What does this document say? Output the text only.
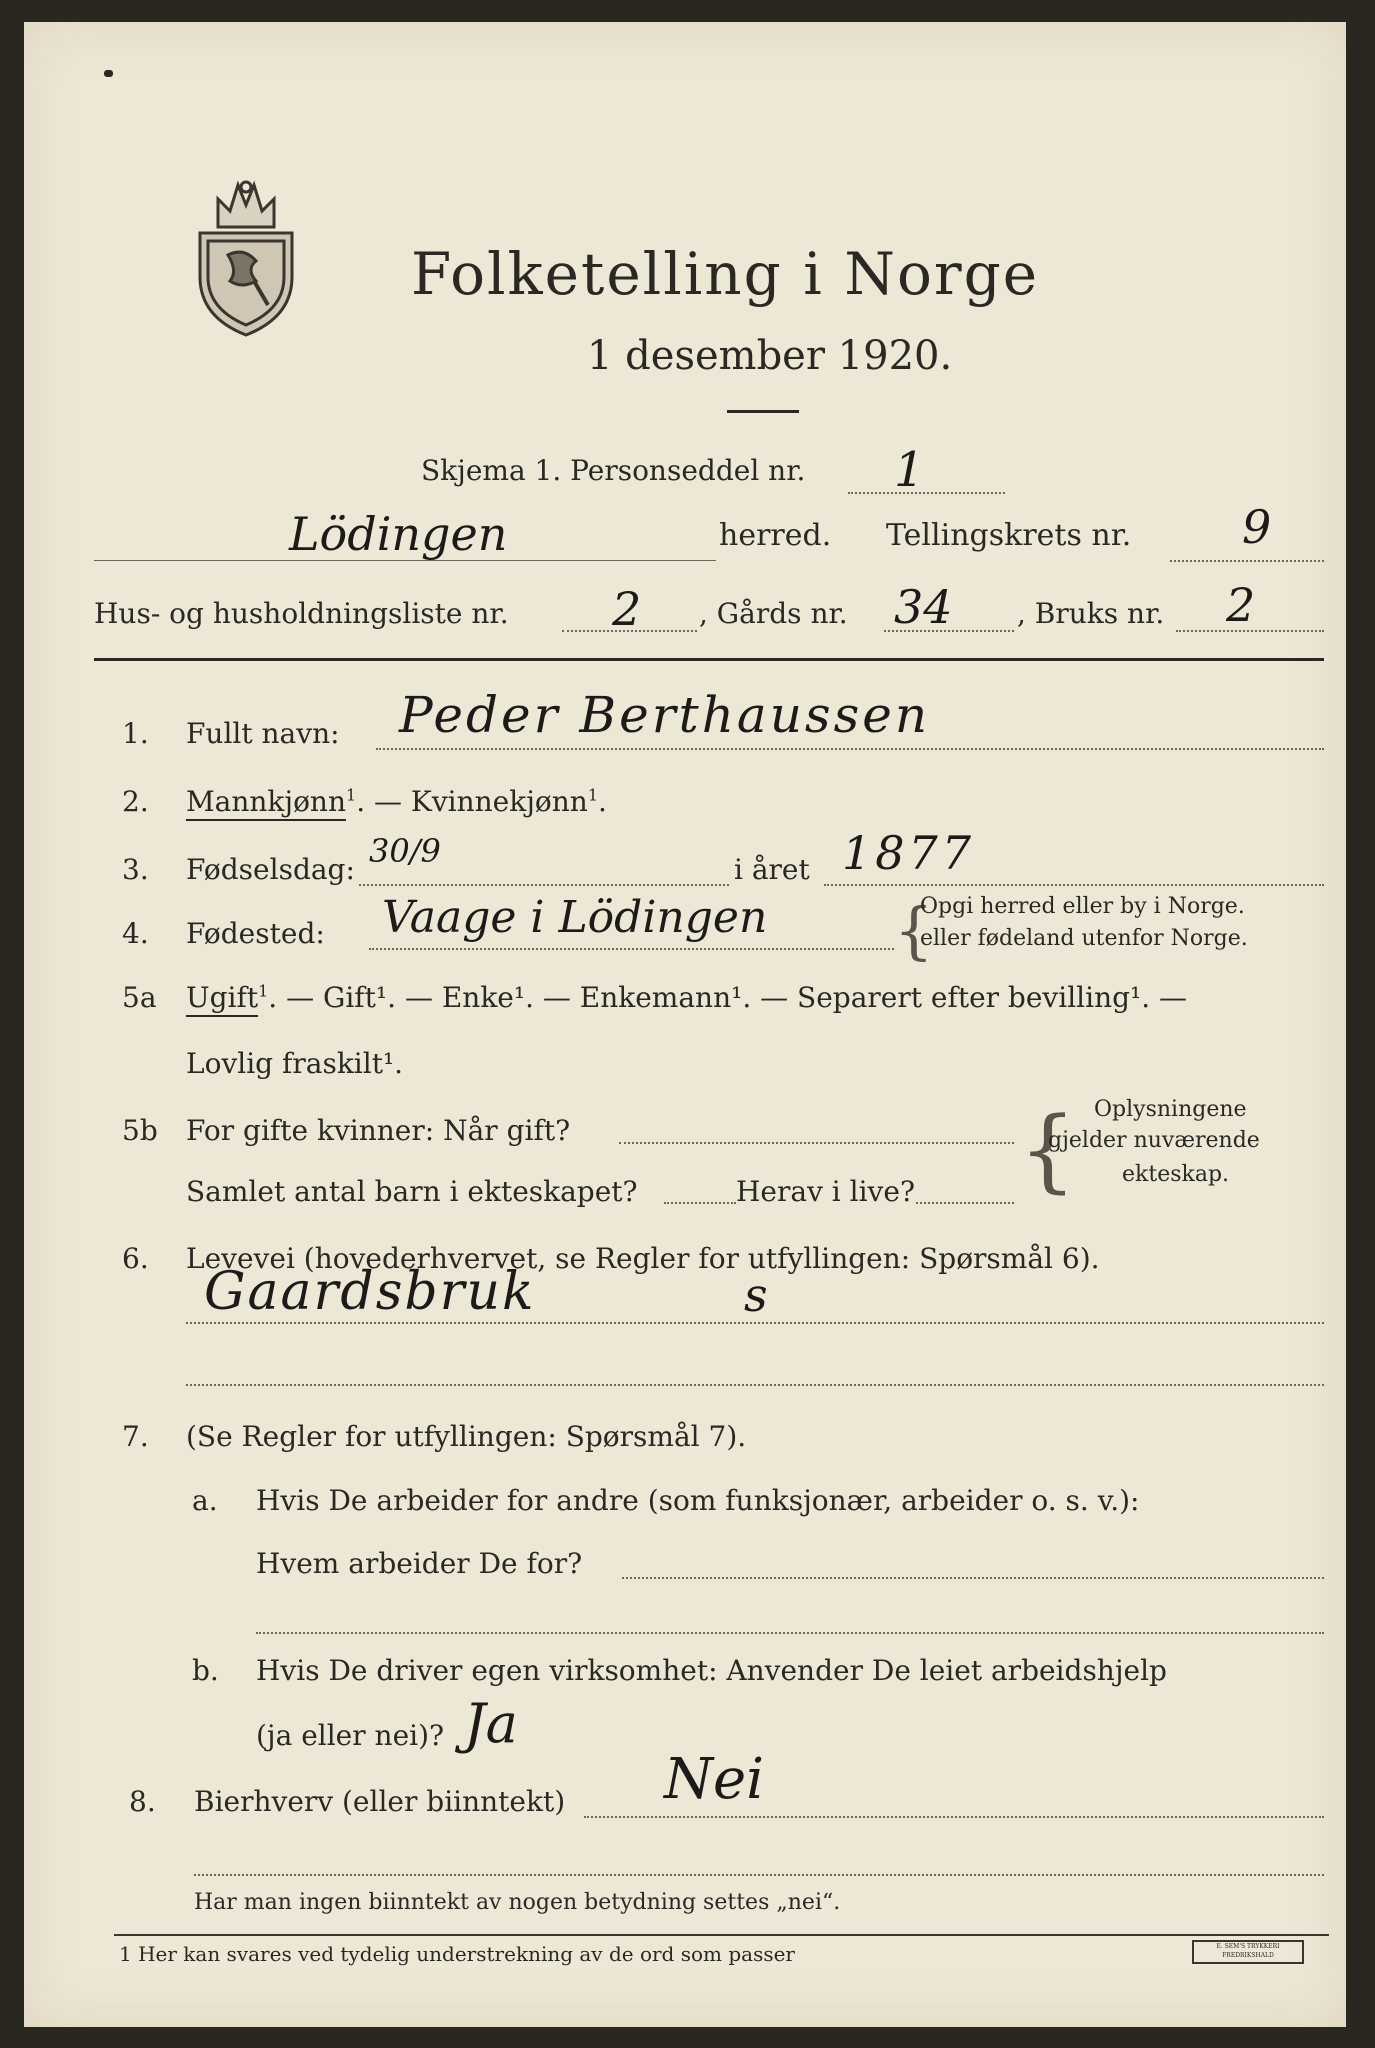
Folketelling i Norge
1 desember 1920.
Skjema 1. Personseddel nr. 1
Lödingen	herred. Tellingskrets nr. 9
Hus- og husholdningsliste nr. 2 , Gårds nr. 34 , Bruks nr. 2
1. Fullt navn: Peder Berthaussen
2. Mannkjønn$^1$. — Kvinnekjønn$^1$.
3. Fødselsdag: 30/9	i året 1877
4. Fødested: Vaage i Lödingen {
Opgi herred eller by i Norge.
eller fødeland utenfor Norge.
5a Ugift$^1$. — Gift¹. — Enke¹. — Enkemann¹. — Separert efter bevilling¹. —
Lovlig fraskilt¹.
5b For gifte kvinner: Når gift?
Samlet antal barn i ekteskapet?	Herav i live? { Oplysningene
gjelder nuværende
ekteskap.
6. Levevei (hovederhvervet, se Regler for utfyllingen: Spørsmål 6).
Gaardsbruk	s
7. (Se Regler for utfyllingen: Spørsmål 7).
a. Hvis De arbeider for andre (som funksjonær, arbeider o. s. v.):
Hvem arbeider De for?
b. Hvis De driver egen virksomhet: Anvender De leiet arbeidshjelp
(ja eller nei)? Ja
8. Bierhverv (eller biinntekt) Nei
Har man ingen biinntekt av nogen betydning settes „nei“.
1 Her kan svares ved tydelig understrekning av de ord som passer	E. SEM'S TRYKKERI FREDRIKSHALD
